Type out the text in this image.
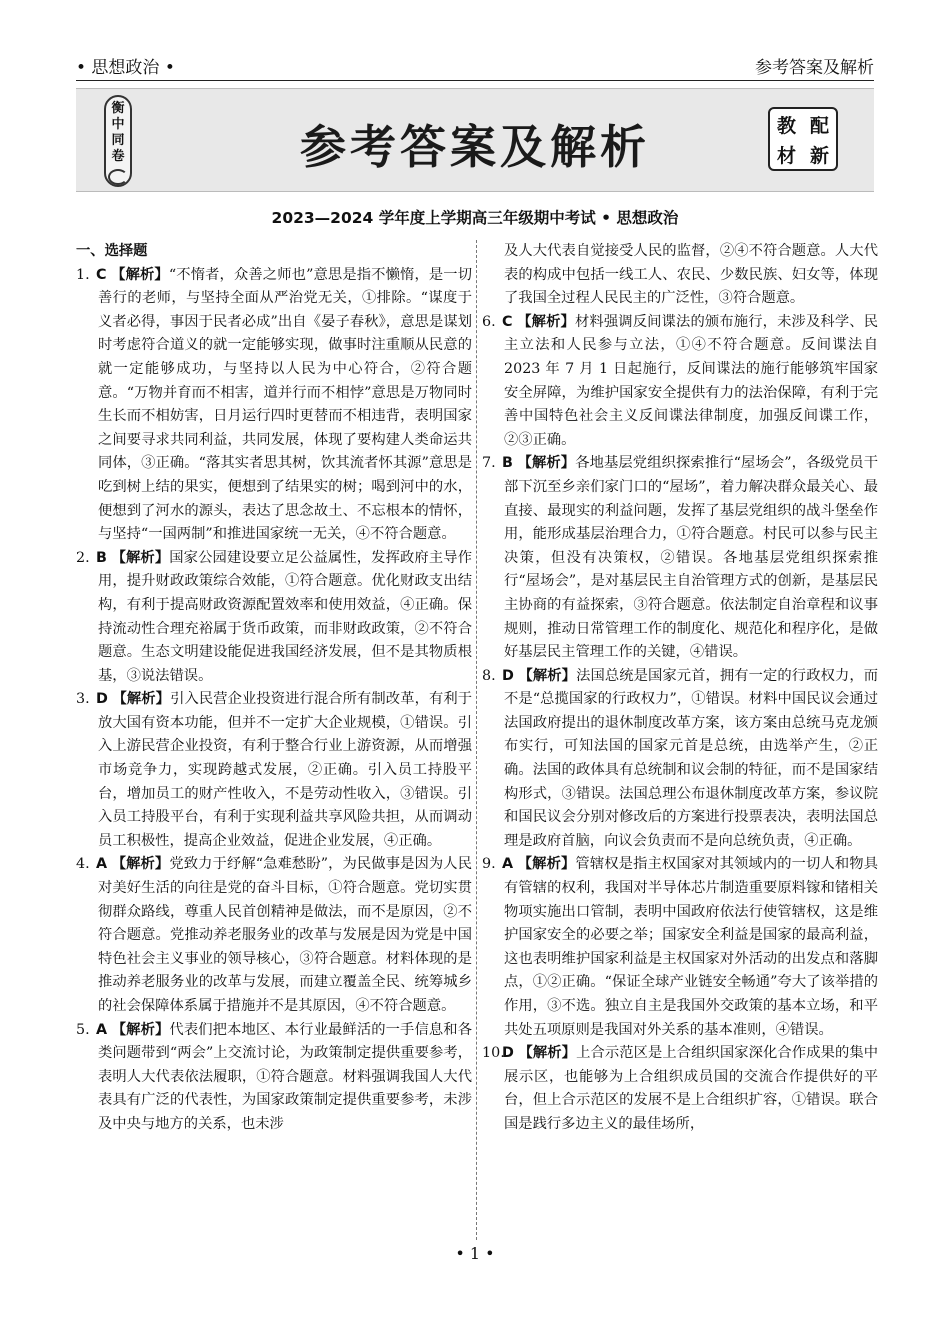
• 思想政治 •	参考答案及解析
衡
中
同
卷	参考答案及解析	教 配
材 新
2023—2024 学年度上学期高三年级期中考试 • 思想政治
一、选择题
1. C 【解析】“不惰者，众善之师也”意思是指不懒惰，是一切善行的老师，与坚持全面从严治党无关，①排除。“谋度于义者必得，事因于民者必成”出自《晏子春秋》，意思是谋划时考虑符合道义的就一定能够实现，做事时注重顺从民意的就一定能够成功，与坚持以人民为中心符合，②符合题意。“万物并育而不相害，道并行而不相悖”意思是万物同时生长而不相妨害，日月运行四时更替而不相违背，表明国家之间要寻求共同利益，共同发展，体现了要构建人类命运共同体，③正确。“落其实者思其树，饮其流者怀其源”意思是吃到树上结的果实，便想到了结果实的树；喝到河中的水，便想到了河水的源头，表达了思念故土、不忘根本的情怀，与坚持“一国两制”和推进国家统一无关，④不符合题意。
2. B 【解析】国家公园建设要立足公益属性，发挥政府主导作用，提升财政政策综合效能，①符合题意。优化财政支出结构，有利于提高财政资源配置效率和使用效益，④正确。保持流动性合理充裕属于货币政策，而非财政政策，②不符合题意。生态文明建设能促进我国经济发展，但不是其物质根基，③说法错误。
3. D 【解析】引入民营企业投资进行混合所有制改革，有利于放大国有资本功能，但并不一定扩大企业规模，①错误。引入上游民营企业投资，有利于整合行业上游资源，从而增强市场竞争力，实现跨越式发展，②正确。引入员工持股平台，增加员工的财产性收入，不是劳动性收入，③错误。引入员工持股平台，有利于实现利益共享风险共担，从而调动员工积极性，提高企业效益，促进企业发展，④正确。
4. A 【解析】党致力于纾解“急难愁盼”，为民做事是因为人民对美好生活的向往是党的奋斗目标，①符合题意。党切实贯彻群众路线，尊重人民首创精神是做法，而不是原因，②不符合题意。党推动养老服务业的改革与发展是因为党是中国特色社会主义事业的领导核心，③符合题意。材料体现的是推动养老服务业的改革与发展，而建立覆盖全民、统筹城乡的社会保障体系属于措施并不是其原因，④不符合题意。
5. A 【解析】代表们把本地区、本行业最鲜活的一手信息和各类问题带到“两会”上交流讨论，为政策制定提供重要参考，表明人大代表依法履职，①符合题意。材料强调我国人大代表具有广泛的代表性，为国家政策制定提供重要参考，未涉及中央与地方的关系，也未涉
及人大代表自觉接受人民的监督，②④不符合题意。人大代表的构成中包括一线工人、农民、少数民族、妇女等，体现了我国全过程人民民主的广泛性，③符合题意。
6. C 【解析】材料强调反间谍法的颁布施行，未涉及科学、民主立法和人民参与立法，①④不符合题意。反间谍法自 2023 年 7 月 1 日起施行，反间谍法的施行能够筑牢国家安全屏障，为维护国家安全提供有力的法治保障，有利于完善中国特色社会主义反间谍法律制度，加强反间谍工作，②③正确。
7. B 【解析】各地基层党组织探索推行“屋场会”，各级党员干部下沉至乡亲们家门口的“屋场”，着力解决群众最关心、最直接、最现实的利益问题，发挥了基层党组织的战斗堡垒作用，能形成基层治理合力，①符合题意。村民可以参与民主决策，但没有决策权，②错误。各地基层党组织探索推行“屋场会”，是对基层民主自治管理方式的创新，是基层民主协商的有益探索，③符合题意。依法制定自治章程和议事规则，推动日常管理工作的制度化、规范化和程序化，是做好基层民主管理工作的关键，④错误。
8. D 【解析】法国总统是国家元首，拥有一定的行政权力，而不是“总揽国家的行政权力”，①错误。材料中国民议会通过法国政府提出的退休制度改革方案，该方案由总统马克龙颁布实行，可知法国的国家元首是总统，由选举产生，②正确。法国的政体具有总统制和议会制的特征，而不是国家结构形式，③错误。法国总理公布退休制度改革方案，参议院和国民议会分别对修改后的方案进行投票表决，表明法国总理是政府首脑，向议会负责而不是向总统负责，④正确。
9. A 【解析】管辖权是指主权国家对其领域内的一切人和物具有管辖的权利，我国对半导体芯片制造重要原料镓和锗相关物项实施出口管制，表明中国政府依法行使管辖权，这是维护国家安全的必要之举；国家安全利益是国家的最高利益，这也表明维护国家利益是主权国家对外活动的出发点和落脚点，①②正确。“保证全球产业链安全畅通”夸大了该举措的作用，③不选。独立自主是我国外交政策的基本立场，和平共处五项原则是我国对外关系的基本准则，④错误。
10.D 【解析】上合示范区是上合组织国家深化合作成果的集中展示区，也能够为上合组织成员国的交流合作提供好的平台，但上合示范区的发展不是上合组织扩容，①错误。联合国是践行多边主义的最佳场所，
• 1 •
